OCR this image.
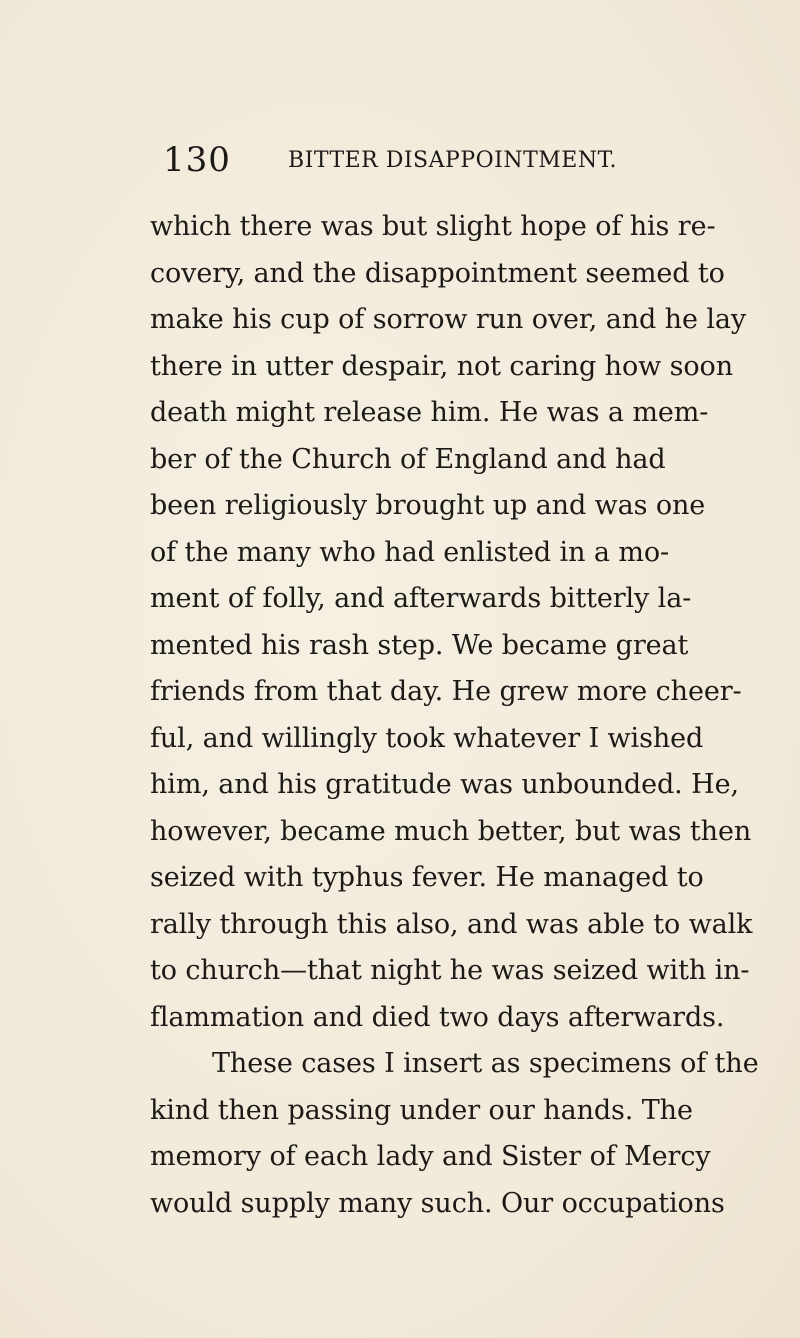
130	BITTER DISAPPOINTMENT.
which there was but slight hope of his re-
covery, and the disappointment seemed to
make his cup of sorrow run over, and he lay
there in utter despair, not caring how soon
death might release him. He was a mem-
ber of the Church of England and had
been religiously brought up and was one
of the many who had enlisted in a mo-
ment of folly, and afterwards bitterly la-
mented his rash step. We became great
friends from that day. He grew more cheer-
ful, and willingly took whatever I wished
him, and his gratitude was unbounded. He,
however, became much better, but was then
seized with typhus fever. He managed to
rally through this also, and was able to walk
to church—that night he was seized with in-
flammation and died two days afterwards.
These cases I insert as specimens of the
kind then passing under our hands. The
memory of each lady and Sister of Mercy
would supply many such. Our occupations
